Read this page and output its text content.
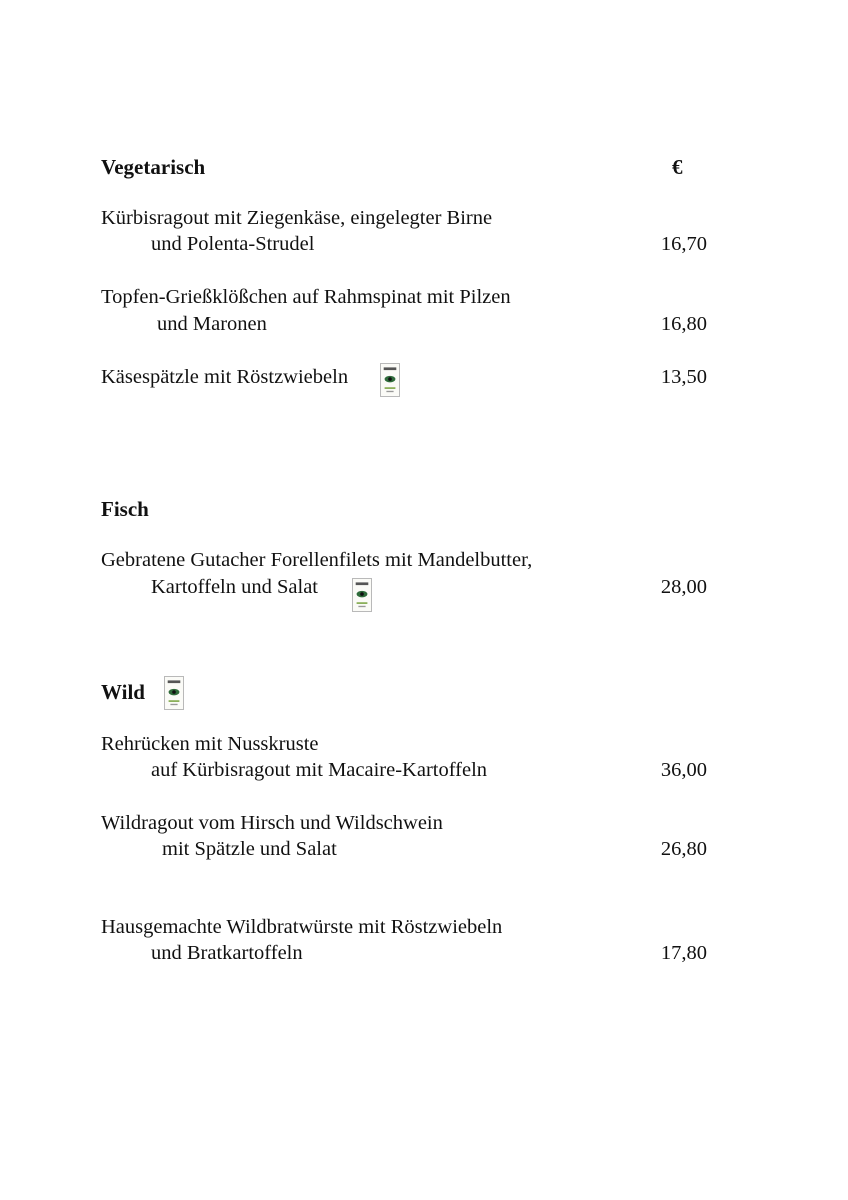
Vegetarisch	€
Kürbisragout mit Ziegenkäse, eingelegter Birne
und Polenta-Strudel	16,70
Topfen-Grießklößchen auf Rahmspinat mit Pilzen
und Maronen	16,80
Käsespätzle mit Röstzwiebeln	13,50
Fisch
Gebratene Gutacher Forellenfilets mit Mandelbutter,
Kartoffeln und Salat	28,00
Wild
Rehrücken mit Nusskruste
auf Kürbisragout mit Macaire-Kartoffeln	36,00
Wildragout vom Hirsch und Wildschwein
mit Spätzle und Salat	26,80
Hausgemachte Wildbratwürste mit Röstzwiebeln
und Bratkartoffeln	17,80
